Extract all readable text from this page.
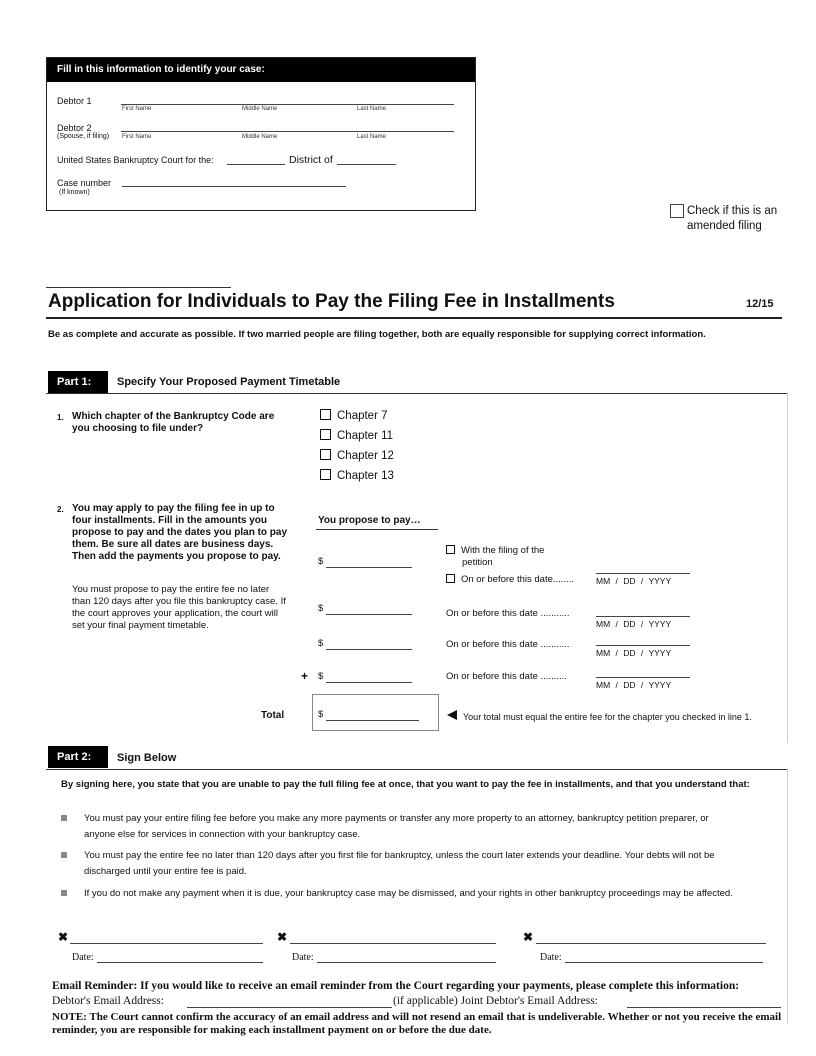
Fill in this information to identify your case:
Debtor 1
First Name	Middle Name	Last Name
Debtor 2
(Spouse, if filing) First Name	Middle Name	Last Name
United States Bankruptcy Court for the:	District of
Case number
(If known)
Check if this is an
amended filing
Application for Individuals to Pay the Filing Fee in Installments	12/15
Be as complete and accurate as possible. If two married people are filing together, both are equally responsible for supplying correct information.
Part 1:	Specify Your Proposed Payment Timetable
1. Which chapter of the Bankruptcy Code are you choosing to file under?
Chapter 7
Chapter 11
Chapter 12
Chapter 13
2. You may apply to pay the filing fee in up to four installments. Fill in the amounts you propose to pay and the dates you plan to pay them. Be sure all dates are business days. Then add the payments you propose to pay.
You must propose to pay the entire fee no later than 120 days after you file this bankruptcy case. If the court approves your application, the court will set your final payment timetable.
You propose to pay…
$
With the filing of the
petition
On or before this date........	MM / DD / YYYY
$	On or before this date ...........
MM / DD / YYYY
$	On or before this date ...........
MM / DD / YYYY
+ $	On or before this date ..........
MM / DD / YYYY
Total	$	Your total must equal the entire fee for the chapter you checked in line 1.
Part 2:	Sign Below
By signing here, you state that you are unable to pay the full filing fee at once, that you want to pay the fee in installments, and that you understand that:
You must pay your entire filing fee before you make any more payments or transfer any more property to an attorney, bankruptcy petition preparer, or anyone else for services in connection with your bankruptcy case.
You must pay the entire fee no later than 120 days after you first file for bankruptcy, unless the court later extends your deadline. Your debts will not be discharged until your entire fee is paid.
If you do not make any payment when it is due, your bankruptcy case may be dismissed, and your rights in other bankruptcy proceedings may be affected.
✖
Date:
✖
Date:
✖
Date:
Email Reminder: If you would like to receive an email reminder from the Court regarding your payments, please complete this information:
Debtor's Email Address:	(if applicable) Joint Debtor's Email Address:
NOTE: The Court cannot confirm the accuracy of an email address and will not resend an email that is undeliverable. Whether or not you receive the email reminder, you are responsible for making each installment payment on or before the due date.
